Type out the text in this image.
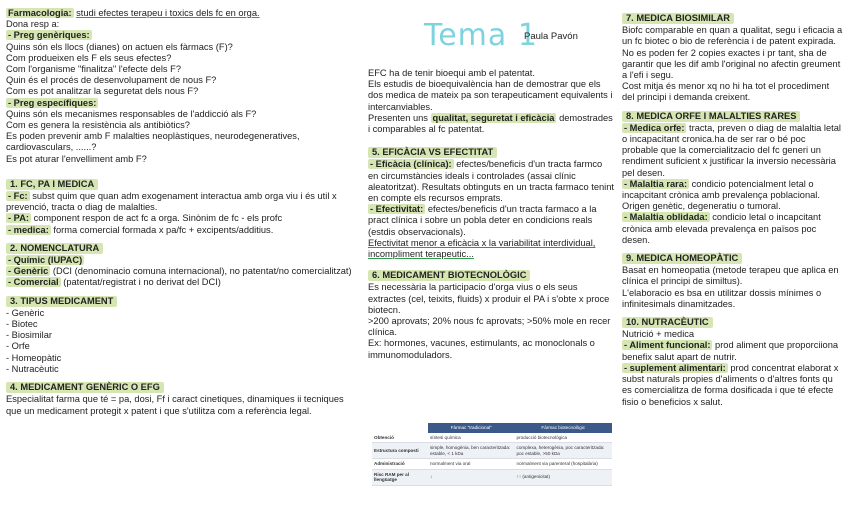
Farmacologia: studi efectes terapeu i toxics dels fc en orga.

Dona resp a:

- Preg genèriques:

Quins són els llocs (dianes) on actuen els fàrmacs (F)?

Com produeixen els F els seus efectes?

Com l'organisme "finalitza" l'efecte dels F?

Quin és el procés de desenvolupament de nous F?

Com es pot analitzar la seguretat dels nous F?

- Preg específiques:

Quins són els mecanismes responsables de l'addicció als F?

Com es genera la resistència als antibiòtics?

Es poden prevenir amb F malalties neoplàstiques, neurodegeneratives, cardiovasculars, ......?

Es pot aturar l'envelliment amb F?

1. FC, PA I MEDICA

- Fc: subst quim que quan adm exogenament interactua amb orga viu i és util x prevenció, tracta o diag de malalties.

- PA: component respon de act fc a orga. Sinònim de fc - els profc

- medica: forma comercial formada x pa/fc + excipents/additius.

2. NOMENCLATURA

- Químic (IUPAC)

- Genèric (DCI (denominacio comuna internacional), no patentat/no comercialitzat)

- Comercial (patentat/registrat i no derivat del DCI)

3. TIPUS MEDICAMENT

- Genèric

- Biotec

- Biosimilar

- Orfe

- Homeopàtic

- Nutracèutic

4. MEDICAMENT GENÈRIC O EFG

Especialitat farma que té = pa, dosi, Ff i caract cinetiques, dinamiques ii tecniques que un medicament protegit x patent i que s'utilitza com a referència legal.

Tema 1
Paula Pavón

EFC ha de tenir bioequi amb el patentat.

Els estudis de bioequivalència han de demostrar que els dos medica de mateix pa son terapeuticament equivalents i intercanviables.

Presenten uns qualitat, seguretat i eficàcia demostrades i comparables al fc patentat.

5. EFICÀCIA VS EFECTITAT

- Eficàcia (clínica): efectes/beneficis d'un tracta farmco en circumstàncies ideals i controlades (assai clínic aleatoritzat). Resultats obtinguts en un tracta farmaco tenint en compte els recursos emprats.

- Efectivitat: efectes/beneficis d'un tracta farmaco a la pract clínica i sobre un pobla deter en condicions reals (estdis observacionals).

Efectivitat menor a eficàcia x la variabilitat interdividual, incompliment terapeutic...

6. MEDICAMENT BIOTECNOLÒGIC

Es necessària la participacio d'orga vius o els seus extractes (cel, teixits, fluids) x produir el PA i s'obte x proce biotecn.

>200 aprovats; 20% nous fc aprovats; >50% mole en recer clínica.

Ex: hormones, vacunes, estimulants, ac monoclonals o immunomoduladors.

	Fàrmac "tradicional"	Fàrmac biotecnològic
Obtenció	síntesi química	producció biotecnològica
Estructura composti	simple, homogènia, ben caracteritzada: estable, < 1 kDa	complexa, heterogènia, poc caracteritzada: poc estable, >50 kDa
Administració	normalment via oral	normalment via parenteral (hospitalària)
Risc RAM per al llengüatge	↓	↑↑ (antigenicitat)
7. MEDICA BIOSIMILAR

Biofc comparable en quan a qualitat, segu i eficacia a un fc biotec o bio de referència i de patent expirada.

No es poden fer 2 copies exactes i pr tant, sha de garantir que les dif amb l'original no afectin greument a l'efi i segu.

Cost mitja és menor xq no hi ha tot el procediment del principi i demanda creixent.

8. MEDICA ORFE I MALALTIES RARES

- Medica orfe: tracta, preven o diag de malaltia letal o incapacitant cronica.ha de ser rar o bé poc probable que la comercialitzacio del fc generi un rendiment suficient x justificar la inversio necessària pel desen.

- Malaltia rara: condicio potencialment letal o incapcitant crònica amb prevalença poblacional. Origen genètic, degeneratiu o tumoral.

- Malaltia oblidada: condicio letal o incapcitant crònica amb elevada prevalença en països poc desen.

9. MEDICA HOMEOPÀTIC

Basat en homeopatia (metode terapeu que aplica en clínica el principi de similtus).

L'elaboracio es bsa en utilitzar dossis mínimes o infinitesimals dinamitzades.

10. NUTRACÈUTIC

Nutrició + medica

- Aliment funcional: prod aliment que proporciiona benefix salut apart de nutrir.

- suplement alimentari: prod concentrat elaborat x subst naturals propies d'aliments o d'altres fonts qu es comercialitza de forma dosificada i que té efecte fisio o beneficios x salut.
